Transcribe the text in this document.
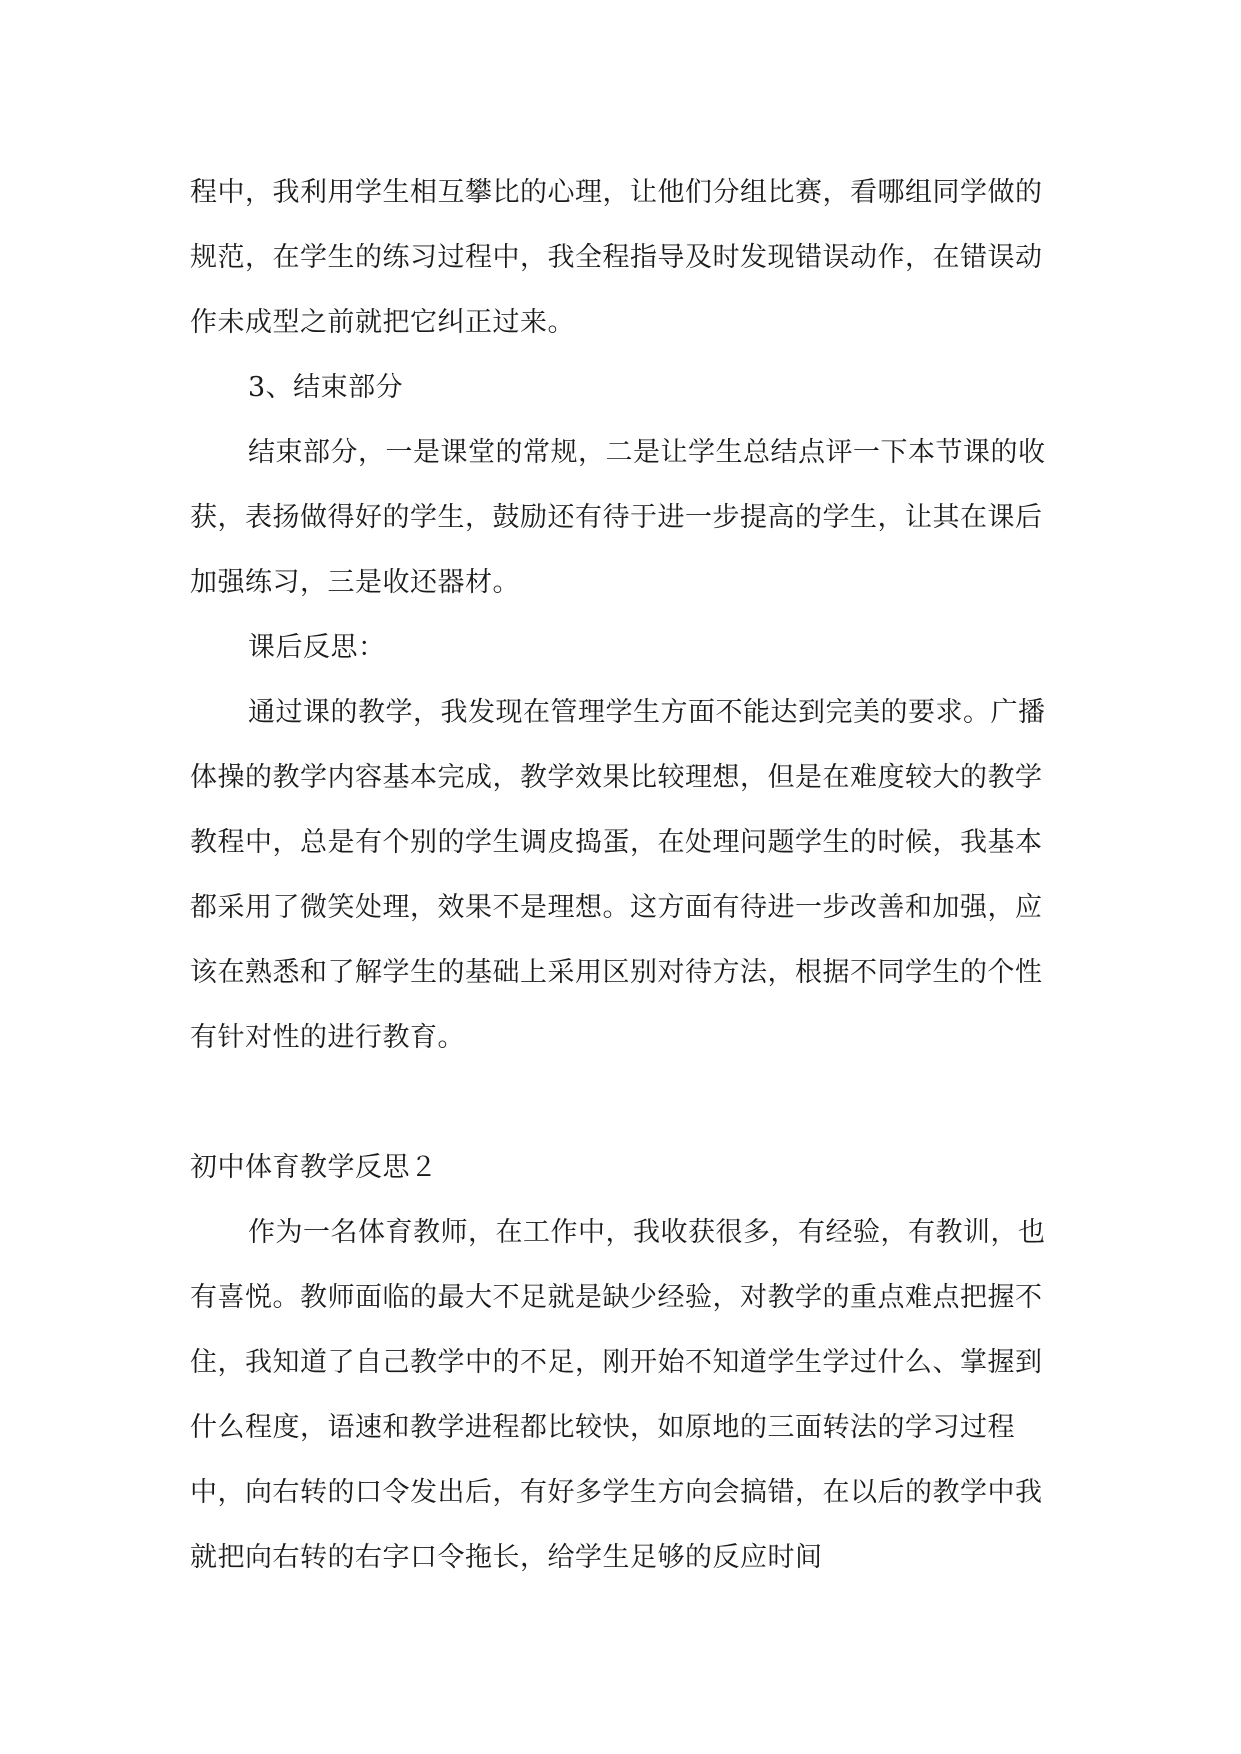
程中，我利用学生相互攀比的心理，让他们分组比赛，看哪组同学做的规范，在学生的练习过程中，我全程指导及时发现错误动作，在错误动作未成型之前就把它纠正过来。

3、结束部分

结束部分，一是课堂的常规，二是让学生总结点评一下本节课的收获，表扬做得好的学生，鼓励还有待于进一步提高的学生，让其在课后加强练习，三是收还器材。

课后反思：

通过课的教学，我发现在管理学生方面不能达到完美的要求。广播体操的教学内容基本完成，教学效果比较理想，但是在难度较大的教学教程中，总是有个别的学生调皮捣蛋，在处理问题学生的时候，我基本都采用了微笑处理，效果不是理想。这方面有待进一步改善和加强，应该在熟悉和了解学生的基础上采用区别对待方法，根据不同学生的个性有针对性的进行教育。

初中体育教学反思２

作为一名体育教师，在工作中，我收获很多，有经验，有教训，也有喜悦。教师面临的最大不足就是缺少经验，对教学的重点难点把握不住，我知道了自己教学中的不足，刚开始不知道学生学过什么、掌握到什么程度，语速和教学进程都比较快，如原地的三面转法的学习过程中，向右转的口令发出后，有好多学生方向会搞错，在以后的教学中我就把向右转的右字口令拖长，给学生足够的反应时间
